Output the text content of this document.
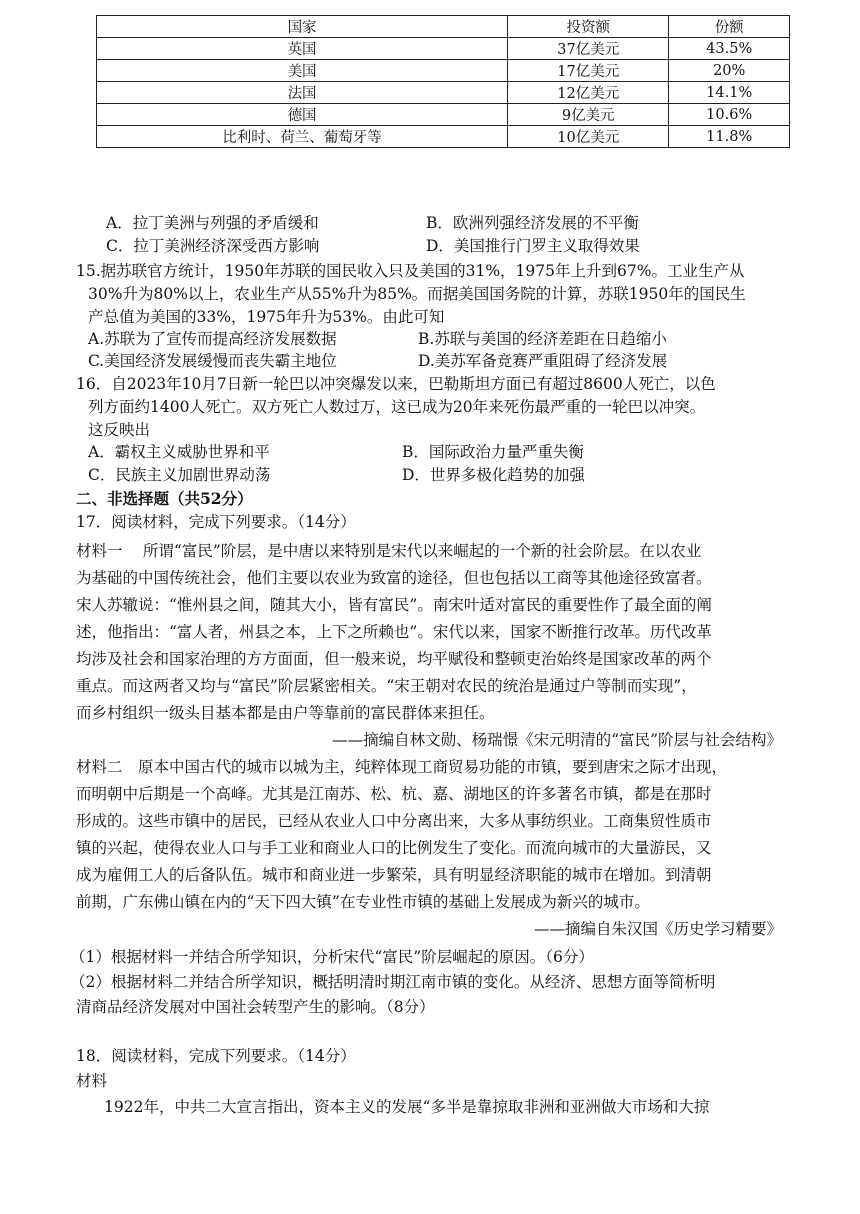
国家	投资额	份额
英国	37亿美元	43.5%
美国	17亿美元	20%
法国	12亿美元	14.1%
德国	9亿美元	10.6%
比利时、荷兰、葡萄牙等	10亿美元	11.8%
A．拉丁美洲与列强的矛盾缓和	B．欧洲列强经济发展的不平衡
C．拉丁美洲经济深受西方影响	D．美国推行门罗主义取得效果
15.据苏联官方统计，1950年苏联的国民收入只及美国的31%，1975年上升到67%。工业生产从
30%升为80%以上，农业生产从55%升为85%。而据美国国务院的计算，苏联1950年的国民生
产总值为美国的33%，1975年升为53%。由此可知
A.苏联为了宣传而提高经济发展数据	B.苏联与美国的经济差距在日趋缩小
C.美国经济发展缓慢而丧失霸主地位	D.美苏军备竞赛严重阻碍了经济发展
16．自2023年10月7日新一轮巴以冲突爆发以来，巴勒斯坦方面已有超过8600人死亡，以色
列方面约1400人死亡。双方死亡人数过万，这已成为20年来死伤最严重的一轮巴以冲突。
这反映出
A．霸权主义威胁世界和平	B．国际政治力量严重失衡
C．民族主义加剧世界动荡	D．世界多极化趋势的加强
二、非选择题（共52分）
17．阅读材料，完成下列要求。（14分）
材料一　 所谓“富民”阶层，是中唐以来特别是宋代以来崛起的一个新的社会阶层。在以农业
为基础的中国传统社会，他们主要以农业为致富的途径，但也包括以工商等其他途径致富者。
宋人苏辙说：“惟州县之间，随其大小，皆有富民”。南宋叶适对富民的重要性作了最全面的阐
述，他指出：“富人者，州县之本，上下之所赖也”。宋代以来，国家不断推行改革。历代改革
均涉及社会和国家治理的方方面面，但一般来说，均平赋役和整顿吏治始终是国家改革的两个
重点。而这两者又均与“富民”阶层紧密相关。“宋王朝对农民的统治是通过户等制而实现”，
而乡村组织一级头目基本都是由户等靠前的富民群体来担任。
——摘编自林文勋、杨瑞憬《宋元明清的“富民”阶层与社会结构》
材料二　原本中国古代的城市以城为主，纯粹体现工商贸易功能的市镇，要到唐宋之际才出现，
而明朝中后期是一个高峰。尤其是江南苏、松、杭、嘉、湖地区的许多著名市镇，都是在那时
形成的。这些市镇中的居民，已经从农业人口中分离出来，大多从事纺织业。工商集贸性质市
镇的兴起，使得农业人口与手工业和商业人口的比例发生了变化。而流向城市的大量游民，又
成为雇佣工人的后备队伍。城市和商业进一步繁荣，具有明显经济职能的城市在增加。到清朝
前期，广东佛山镇在内的“天下四大镇”在专业性市镇的基础上发展成为新兴的城市。
——摘编自朱汉国《历史学习精要》
（1）根据材料一并结合所学知识，分析宋代“富民”阶层崛起的原因。（6分）
（2）根据材料二并结合所学知识，概括明清时期江南市镇的变化。从经济、思想方面等简析明
清商品经济发展对中国社会转型产生的影响。（8分）
18．阅读材料，完成下列要求。（14分）
材料
1922年，中共二大宣言指出，资本主义的发展“多半是靠掠取非洲和亚洲做大市场和大掠
